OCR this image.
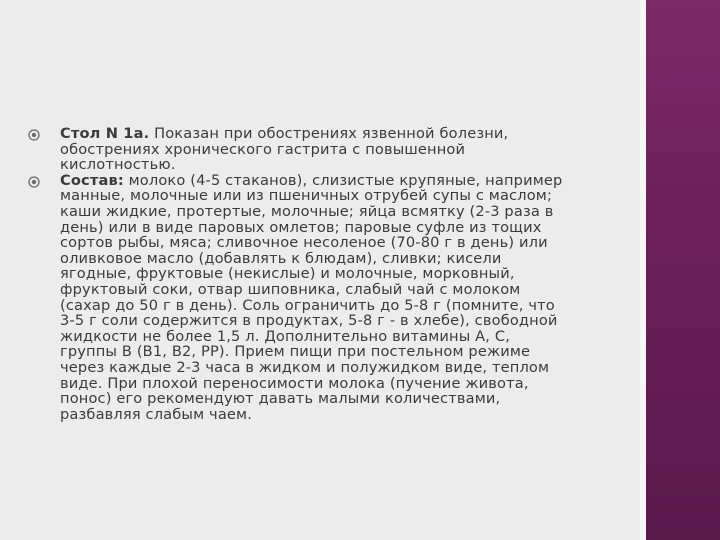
Стол N 1а. Показан при обострениях язвенной болезни,
обострениях хронического гастрита с повышенной
кислотностью.
Состав: молоко (4-5 стаканов), слизистые крупяные, например
манные, молочные или из пшеничных отрубей супы с маслом;
каши жидкие, протертые, молочные; яйца всмятку (2-3 раза в
день) или в виде паровых омлетов; паровые суфле из тощих
сортов рыбы, мяса; сливочное несоленое (70-80 г в день) или
оливковое масло (добавлять к блюдам), сливки; кисели
ягодные, фруктовые (некислые) и молочные, морковный,
фруктовый соки, отвар шиповника, слабый чай с молоком
(сахар до 50 г в день). Соль ограничить до 5-8 г (помните, что
3-5 г соли содержится в продуктах, 5-8 г - в хлебе), свободной
жидкости не более 1,5 л. Дополнительно витамины А, С,
группы В (В1, В2, РР). Прием пищи при постельном режиме
через каждые 2-3 часа в жидком и полужидком виде, теплом
виде. При плохой переносимости молока (пучение живота,
понос) его рекомендуют давать малыми количествами,
разбавляя слабым чаем.
